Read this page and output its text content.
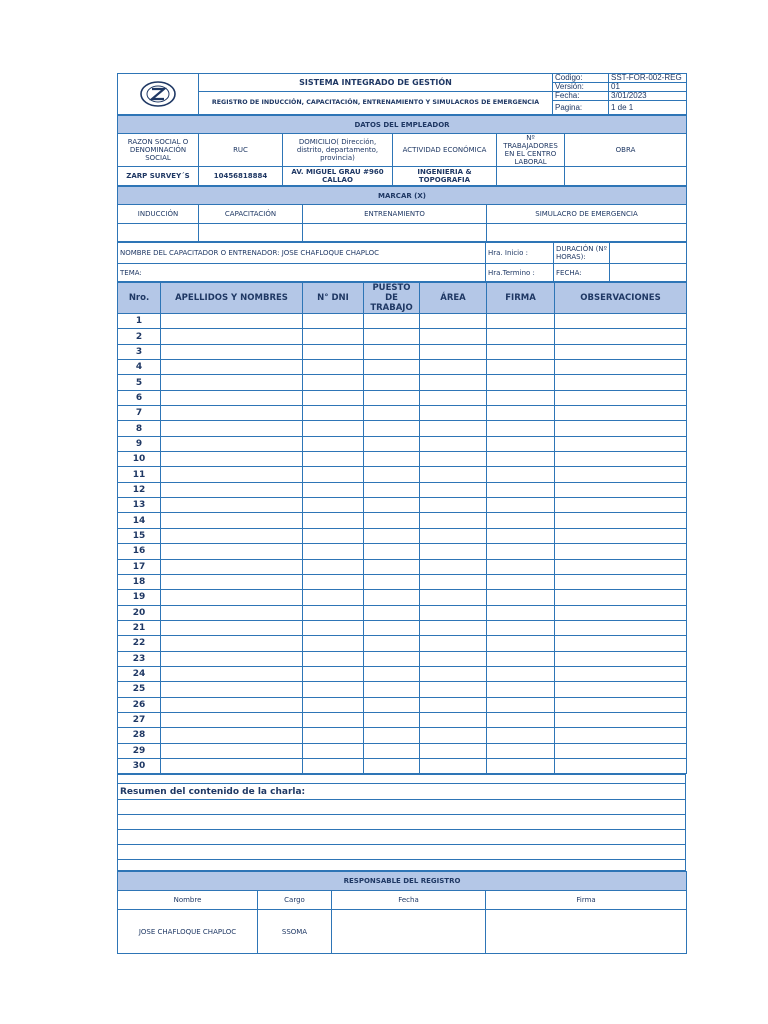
	SISTEMA INTEGRADO DE GESTIÓN	Codigo:	SST-FOR-002-REG
		Versión:	01
	REGISTRO DE INDUCCIÓN, CAPACITACIÓN, ENTRENAMIENTO Y SIMULACROS DE EMERGENCIA	Fecha:	3/01/2023
		Pagina:	1 de 1
DATOS DEL EMPLEADOR					
RAZON SOCIAL O DENOMINACIÓN SOCIAL	RUC	DOMICILIO( Dirección, distrito, departamento, provincia)	ACTIVIDAD ECONÓMICA	Nº TRABAJADORES EN EL CENTRO LABORAL	OBRA
ZARP SURVEY´S	10456818884	AV. MIGUEL GRAU #960 CALLAO	INGENIERIA & TOPOGRAFIA		
MARCAR (X)			
INDUCCIÓN	CAPACITACIÓN	ENTRENAMIENTO	SIMULACRO DE EMERGENCIA

NOMBRE DEL CAPACITADOR O ENTRENADOR: JOSE CHAFLOQUE CHAPLOC	Hra. Inicio :	DURACIÓN (Nº HORAS):	
TEMA:	Hra.Termino :	FECHA:	
Nro.	APELLIDOS Y NOMBRES	N° DNI	PUESTO DE TRABAJO	ÁREA	FIRMA	OBSERVACIONES
1						
2						
3						
4						
5						
6						
7						
8						
9						
10						
11						
12						
13						
14						
15						
16						
17						
18						
19						
20						
21						
22						
23						
24						
25						
26						
27						
28						
29						
30						

Resumen del contenido de la charla:

RESPONSABLE DEL REGISTRO			
Nombre	Cargo	Fecha	Firma
JOSE CHAFLOQUE CHAPLOC	SSOMA		
